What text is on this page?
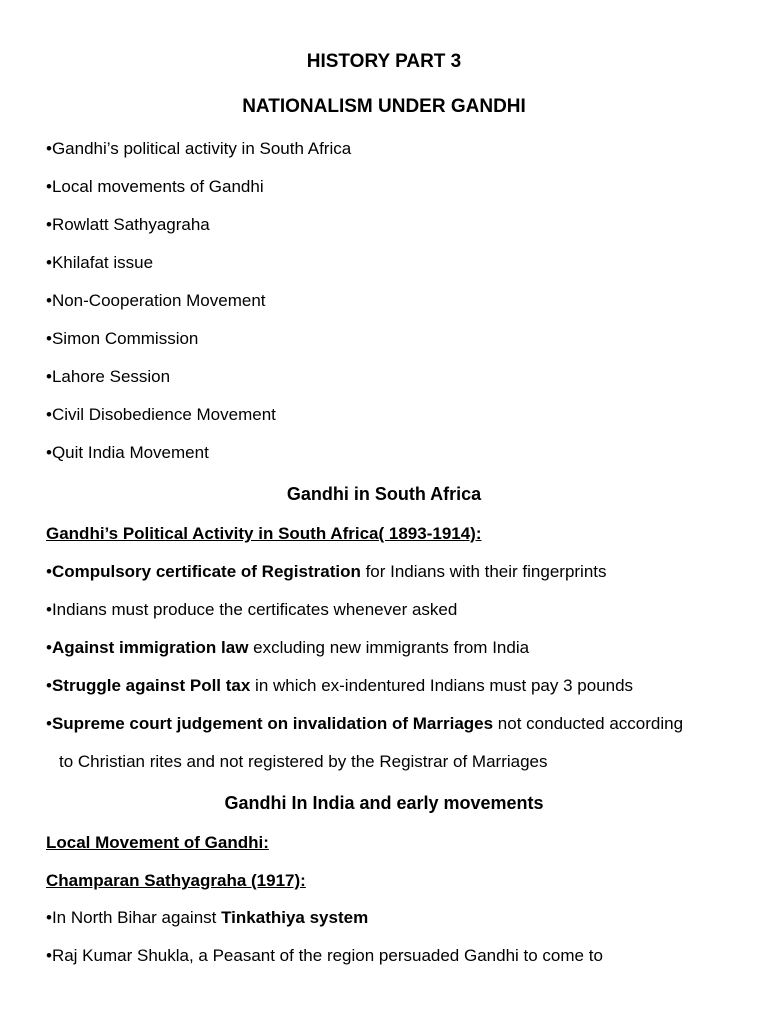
HISTORY PART 3
NATIONALISM UNDER GANDHI

•Gandhi’s political activity in South Africa

•Local movements of Gandhi

•Rowlatt Sathyagraha

•Khilafat issue

•Non-Cooperation Movement

•Simon Commission

•Lahore Session

•Civil Disobedience Movement

•Quit India Movement

Gandhi in South Africa

Gandhi’s Political Activity in South Africa( 1893-1914):

•Compulsory certificate of Registration for Indians with their fingerprints

•Indians must produce the certificates whenever asked

•Against immigration law excluding new immigrants from India

•Struggle against Poll tax in which ex-indentured Indians must pay 3 pounds

•Supreme court judgement on invalidation of Marriages not conducted according

to Christian rites and not registered by the Registrar of Marriages

Gandhi In India and early movements

Local Movement of Gandhi:

Champaran Sathyagraha (1917):

•In North Bihar against Tinkathiya system

•Raj Kumar Shukla, a Peasant of the region persuaded Gandhi to come to
